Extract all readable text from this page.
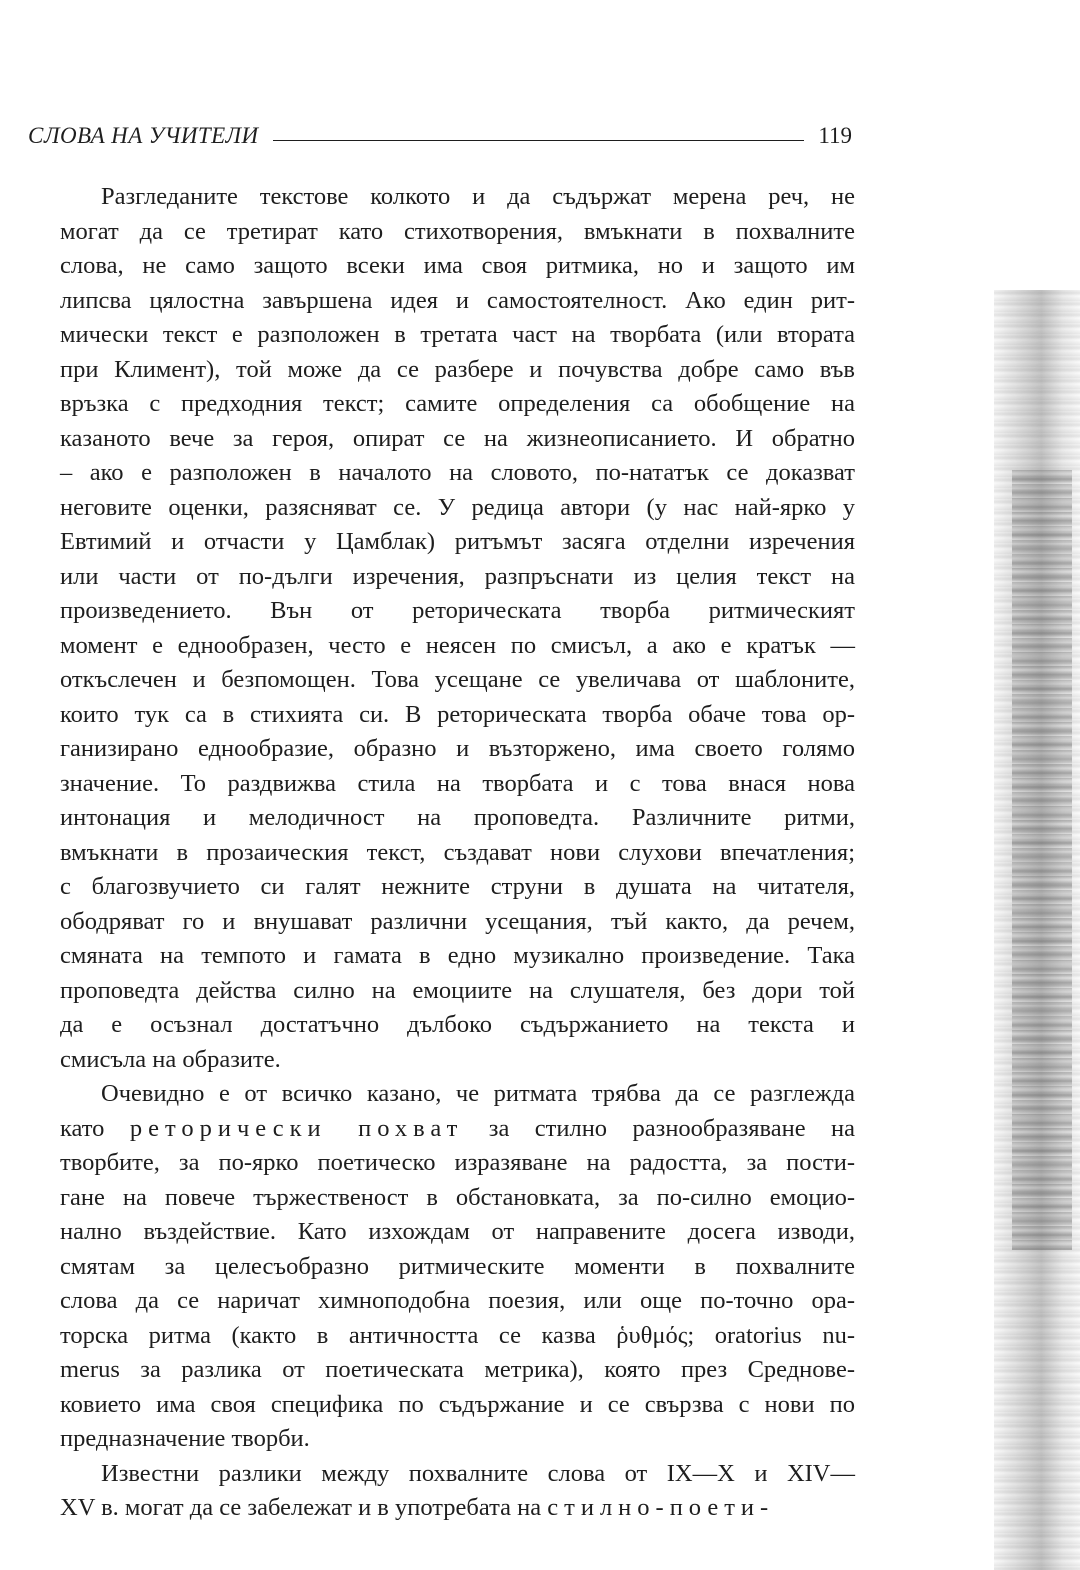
СЛОВА НА УЧИТЕЛИ	119
Разгледаните текстове колкото и да съдържат мерена реч, не
могат да се третират като стихотворения, вмъкнати в похвалните
слова, не само защото всеки има своя ритмика, но и защото им
липсва цялостна завършена идея и самостоятелност. Ако един рит-
мически текст е разположен в третата част на творбата (или втората
при Климент), той може да се разбере и почувства добре само във
връзка с предходния текст; самите определения са обобщение на
казаното вече за героя, опират се на жизнеописанието. И обратно
– ако е разположен в началото на словото, по-нататък се доказват
неговите оценки, разясняват се. У редица автори (у нас най-ярко у
Евтимий и отчасти у Цамблак) ритъмът засяга отделни изречения
или части от по-дълги изречения, разпръснати из целия текст на
произведението. Вън от реторическата творба ритмическият
момент е еднообразен, често е неясен по смисъл, а ако е кратък —
откъслечен и безпомощен. Това усещане се увеличава от шаблоните,
които тук са в стихията си. В реторическата творба обаче това ор-
ганизирано еднообразие, образно и възторжено, има своето голямо
значение. То раздвижва стила на творбата и с това внася нова
интонация и мелодичност на проповедта. Различните ритми,
вмъкнати в прозаическия текст, създават нови слухови впечатления;
с благозвучието си галят нежните струни в душата на читателя,
ободряват го и внушават различни усещания, тъй както, да речем,
смяната на темпото и гамата в едно музикално произведение. Така
проповедта действа силно на емоциите на слушателя, без дори той
да е осъзнал достатъчно дълбоко съдържанието на текста и
смисъла на образите.
Очевидно е от всичко казано, че ритмата трябва да се разглежда
като реторически похват за стилно разнообразяване на
творбите, за по-ярко поетическо изразяване на радостта, за пости-
гане на повече тържественост в обстановката, за по-силно емоцио-
нално въздействие. Като изхождам от направените досега изводи,
смятам за целесъобразно ритмическите моменти в похвалните
слова да се наричат химноподобна поезия, или още по-точно ора-
торска ритма (както в античността се казва ῥυθμός; oratorius nu-
merus за разлика от поетическата метрика), която през Среднове-
ковието има своя специфика по съдържание и се свързва с нови по
предназначение творби.
Известни разлики между похвалните слова от IX—X и XIV—
XV в. могат да се забележат и в употребата на стилно-поети-
